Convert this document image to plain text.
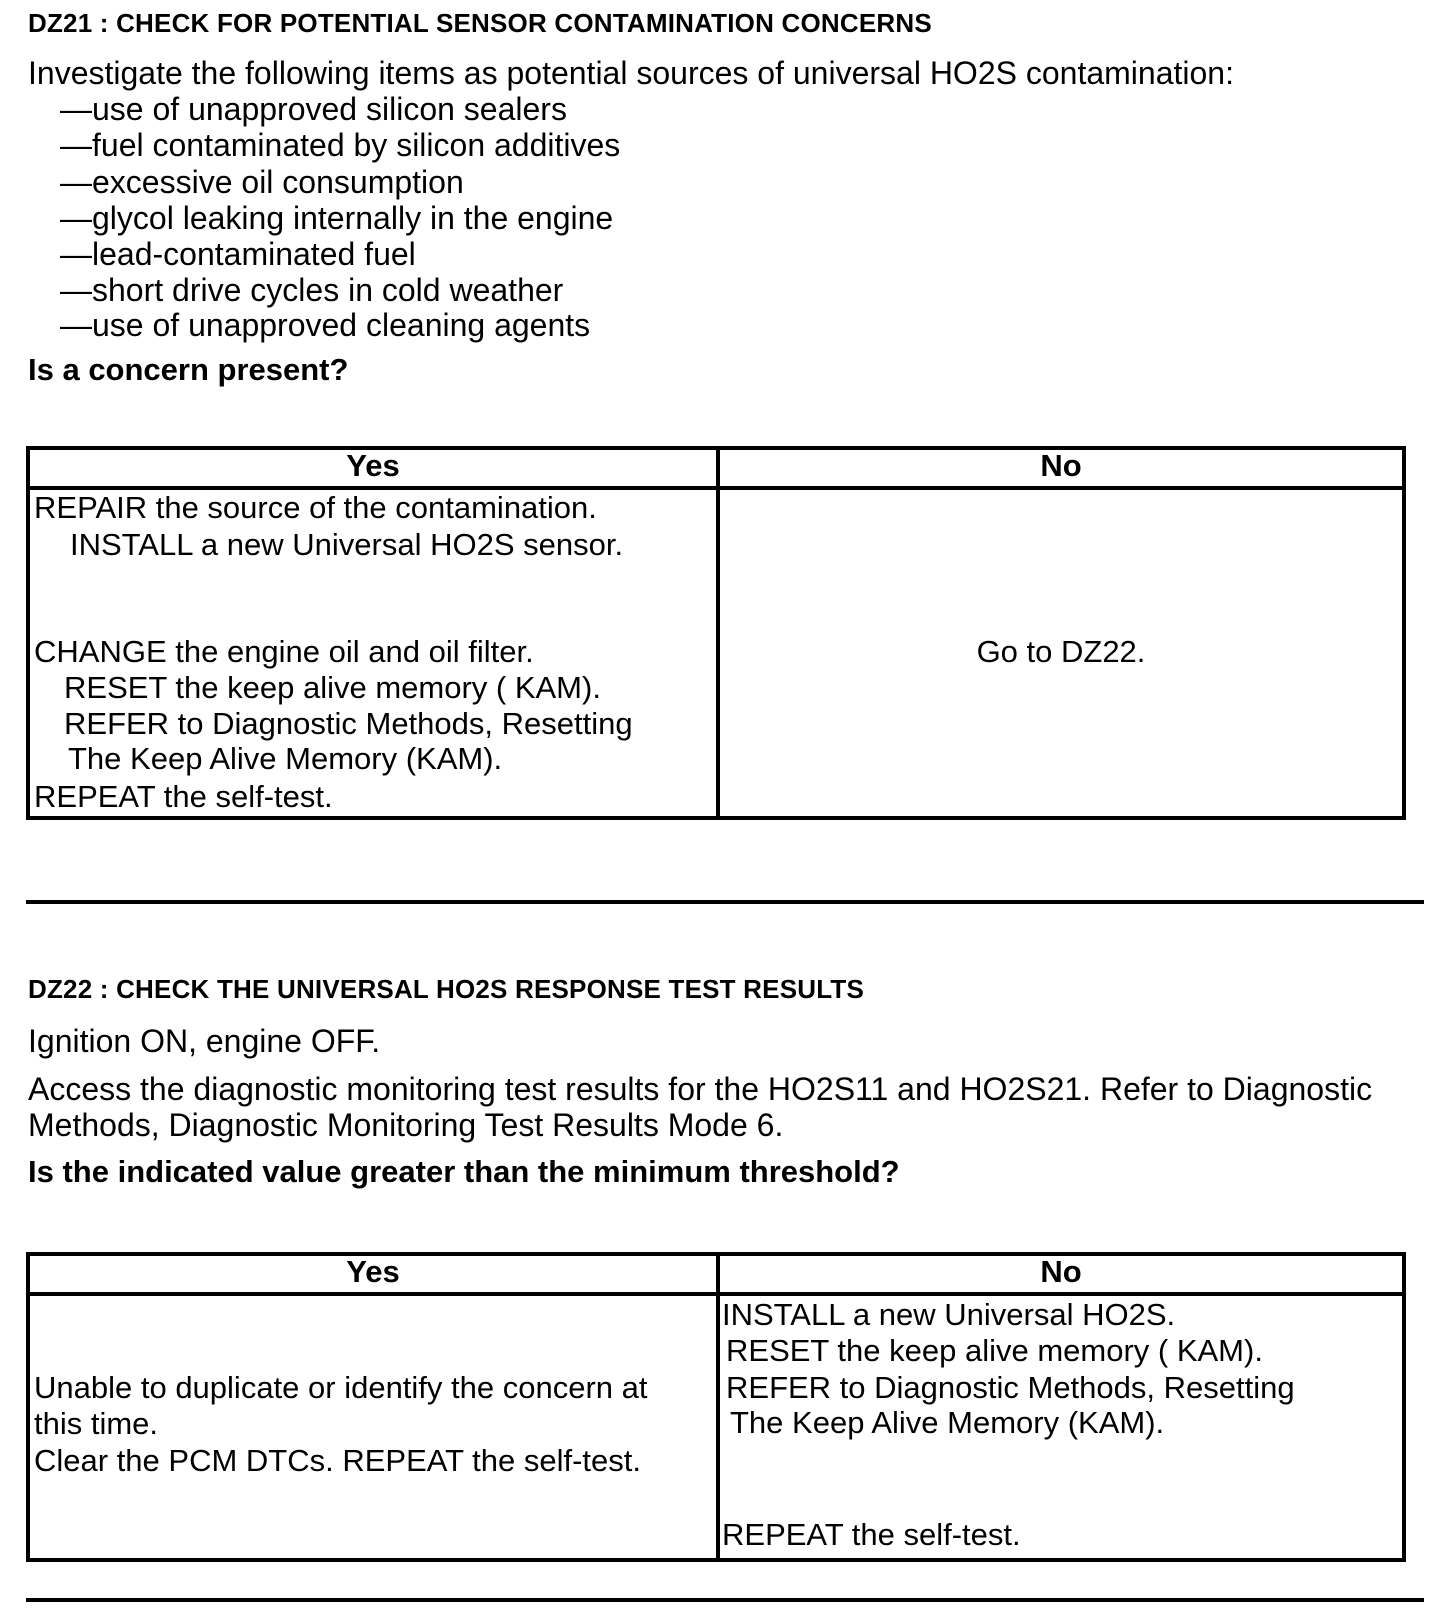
DZ21 : CHECK FOR POTENTIAL SENSOR CONTAMINATION CONCERNS
Investigate the following items as potential sources of universal HO2S contamination:
—use of unapproved silicon sealers
—fuel contaminated by silicon additives
—excessive oil consumption
—glycol leaking internally in the engine
—lead-contaminated fuel
—short drive cycles in cold weather
—use of unapproved cleaning agents
Is a concern present?
Yes	No
REPAIR the source of the contamination.
INSTALL a new Universal HO2S sensor.
CHANGE the engine oil and oil filter.
RESET the keep alive memory ( KAM).
REFER to Diagnostic Methods, Resetting
The Keep Alive Memory (KAM).
REPEAT the self-test.
Go to DZ22.
DZ22 : CHECK THE UNIVERSAL HO2S RESPONSE TEST RESULTS
Ignition ON, engine OFF.
Access the diagnostic monitoring test results for the HO2S11 and HO2S21. Refer to Diagnostic
Methods, Diagnostic Monitoring Test Results Mode 6.
Is the indicated value greater than the minimum threshold?
Yes	No
Unable to duplicate or identify the concern at
this time.
Clear the PCM DTCs. REPEAT the self-test.
INSTALL a new Universal HO2S.
RESET the keep alive memory ( KAM).
REFER to Diagnostic Methods, Resetting
The Keep Alive Memory (KAM).
REPEAT the self-test.
